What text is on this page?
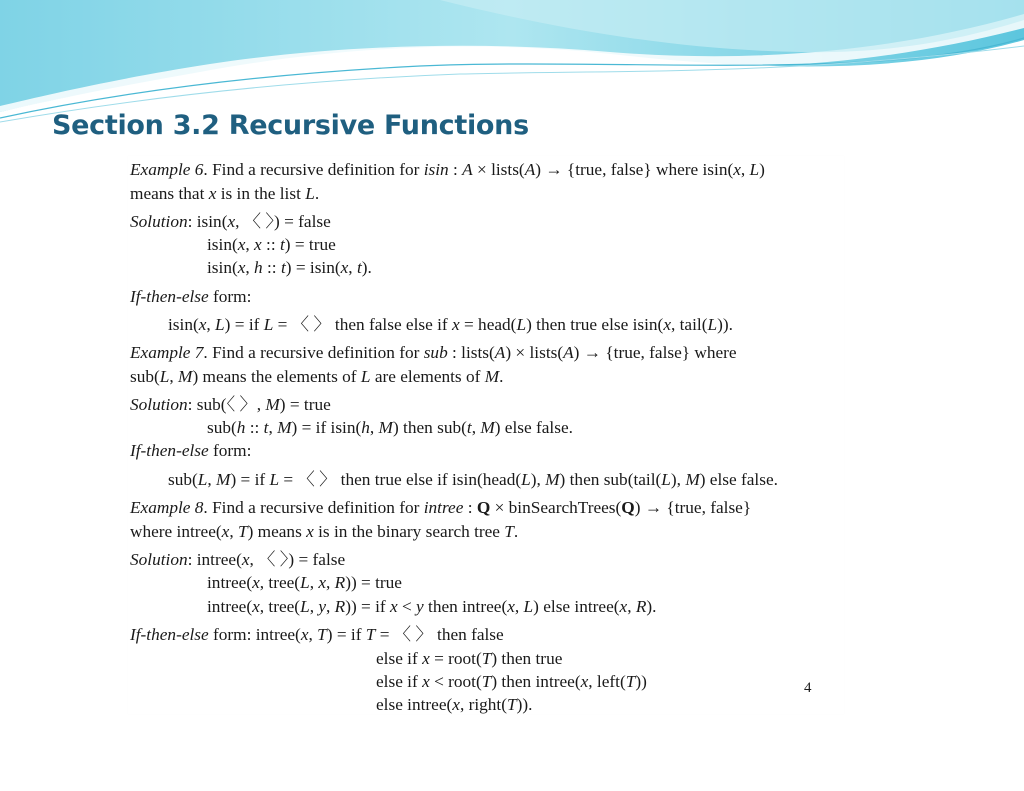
Section 3.2 Recursive Functions

Example 6. Find a recursive definition for isin : A × lists(A) → {true, false} where isin(x, L)

means that x is in the list L.

Solution: isin(x, 〈 〉) = false

isin(x, x :: t) = true

isin(x, h :: t) = isin(x, t).

If-then-else form:

isin(x, L) = if L = 〈 〉 then false else if x = head(L) then true else isin(x, tail(L)).

Example 7. Find a recursive definition for sub : lists(A) × lists(A) → {true, false} where

sub(L, M) means the elements of L are elements of M.

Solution: sub(〈 〉, M) = true

sub(h :: t, M) = if isin(h, M) then sub(t, M) else false.

If-then-else form:

sub(L, M) = if L = 〈 〉 then true else if isin(head(L), M) then sub(tail(L), M) else false.

Example 8. Find a recursive definition for intree : Q × binSearchTrees(Q) → {true, false}

where intree(x, T) means x is in the binary search tree T.

Solution: intree(x, 〈 〉) = false

intree(x, tree(L, x, R)) = true

intree(x, tree(L, y, R)) = if x < y then intree(x, L) else intree(x, R).

If-then-else form: intree(x, T) = if T = 〈 〉 then false

else if x = root(T) then true

else if x < root(T) then intree(x, left(T))

else intree(x, right(T)).

4
